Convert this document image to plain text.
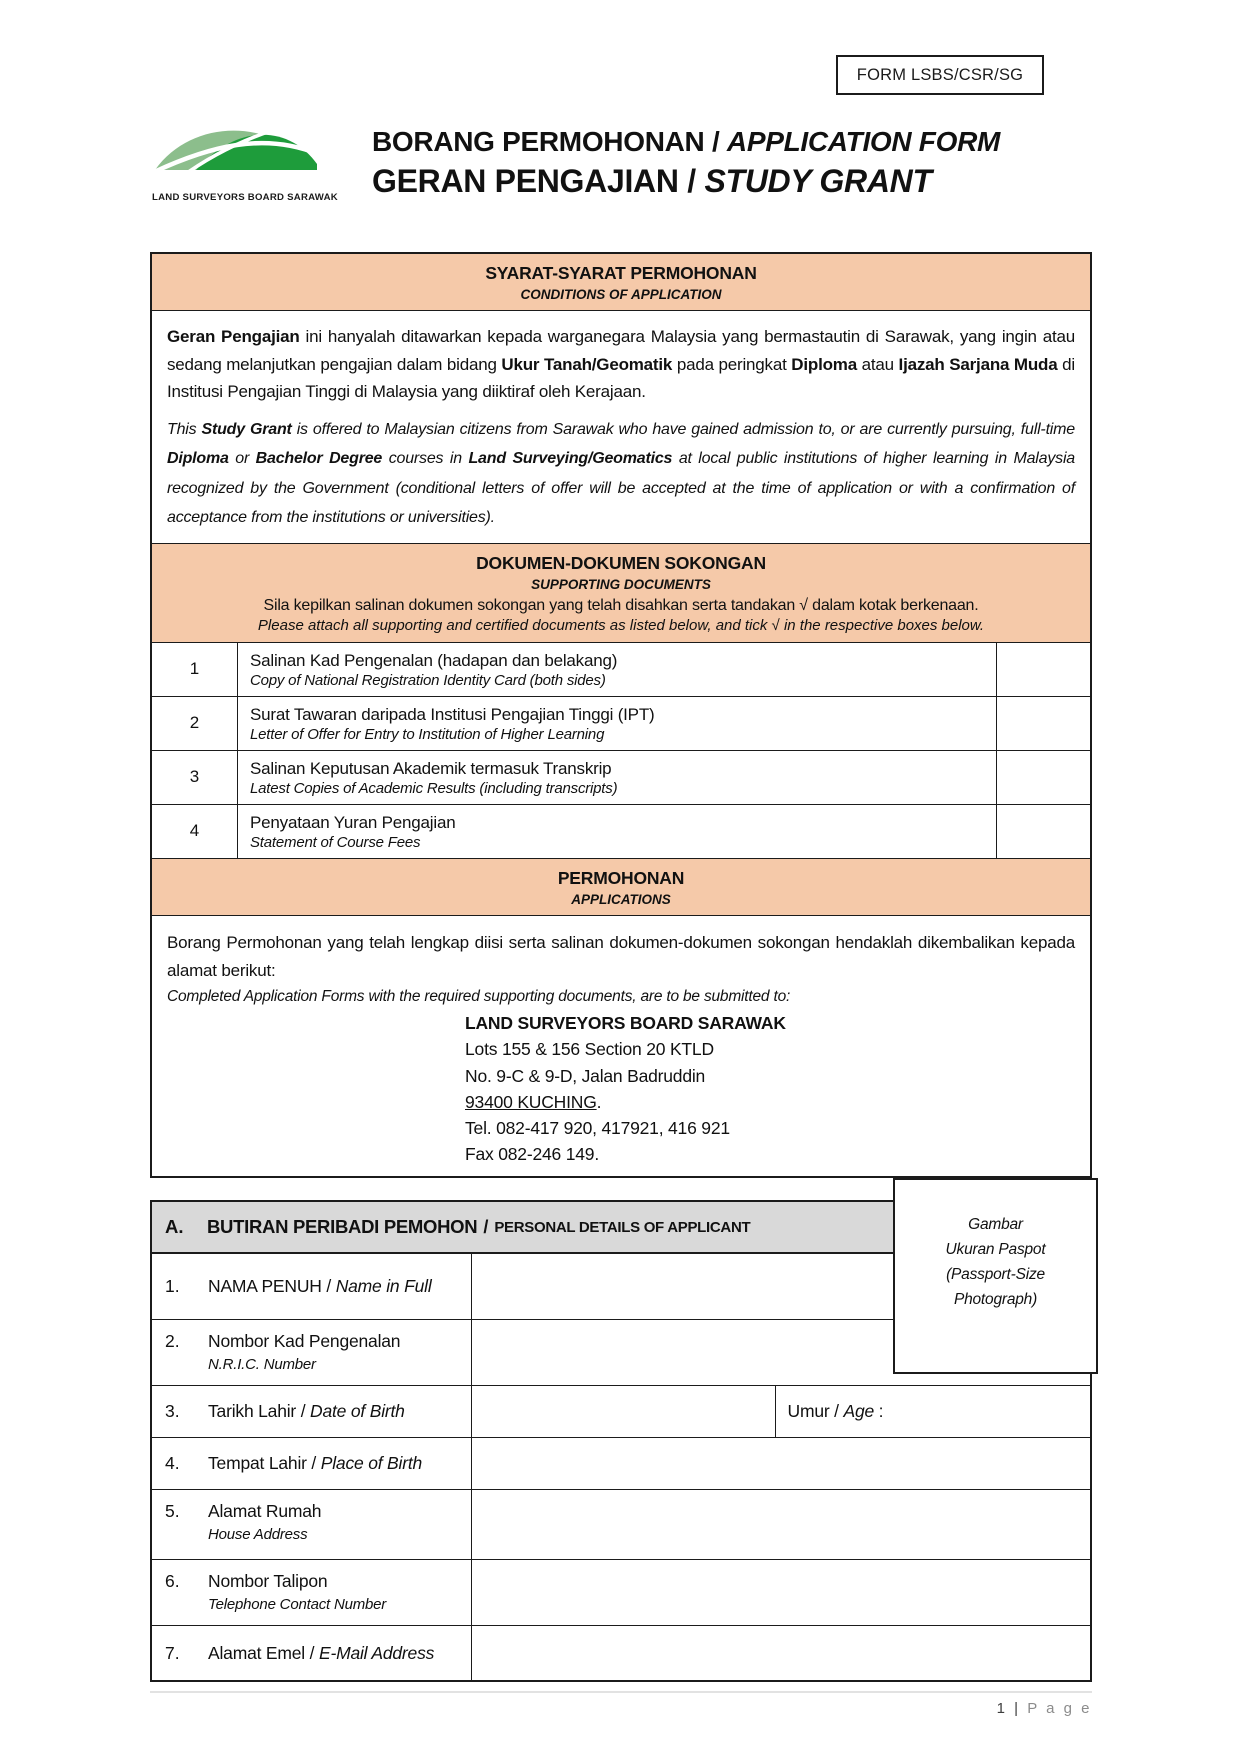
FORM LSBS/CSR/SG
LAND SURVEYORS BOARD SARAWAK
BORANG PERMOHONAN / APPLICATION FORM
GERAN PENGAJIAN / STUDY GRANT
SYARAT-SYARAT PERMOHONAN
CONDITIONS OF APPLICATION

Geran Pengajian ini hanyalah ditawarkan kepada warganegara Malaysia yang bermastautin di Sarawak, yang ingin atau sedang melanjutkan pengajian dalam bidang Ukur Tanah/Geomatik pada peringkat Diploma atau Ijazah Sarjana Muda di Institusi Pengajian Tinggi di Malaysia yang diiktiraf oleh Kerajaan.

This Study Grant is offered to Malaysian citizens from Sarawak who have gained admission to, or are currently pursuing, full-time Diploma or Bachelor Degree courses in Land Surveying/Geomatics at local public institutions of higher learning in Malaysia recognized by the Government (conditional letters of offer will be accepted at the time of application or with a confirmation of acceptance from the institutions or universities).

DOKUMEN-DOKUMEN SOKONGAN
SUPPORTING DOCUMENTS
Sila kepilkan salinan dokumen sokongan yang telah disahkan serta tandakan √ dalam kotak berkenaan.
Please attach all supporting and certified documents as listed below, and tick √ in the respective boxes below.
1	Salinan Kad Pengenalan (hadapan dan belakang)
Copy of National Registration Identity Card (both sides)
2	Surat Tawaran daripada Institusi Pengajian Tinggi (IPT)
Letter of Offer for Entry to Institution of Higher Learning
3	Salinan Keputusan Akademik termasuk Transkrip
Latest Copies of Academic Results (including transcripts)
4	Penyataan Yuran Pengajian
Statement of Course Fees
PERMOHONAN
APPLICATIONS

Borang Permohonan yang telah lengkap diisi serta salinan dokumen-dokumen sokongan hendaklah dikembalikan kepada alamat berikut:

Completed Application Forms with the required supporting documents, are to be submitted to:

LAND SURVEYORS BOARD SARAWAK
Lots 155 & 156 Section 20 KTLD
No. 9-C & 9-D, Jalan Badruddin
93400 KUCHING.
Tel. 082-417 920, 417921, 416 921
Fax 082-246 149.
A.	BUTIRAN PERIBADI PEMOHON / PERSONAL DETAILS OF APPLICANT
1.	NAMA PENUH / Name in Full
2.	Nombor Kad Pengenalan
N.R.I.C. Number
3.	Tarikh Lahir / Date of Birth	Umur / Age :
4.	Tempat Lahir / Place of Birth
5.	Alamat Rumah
House Address
6.	Nombor Talipon
Telephone Contact Number
7.	Alamat Emel / E-Mail Address
Gambar
Ukuran Paspot
(Passport-Size
Photograph)
1 | P a g e
